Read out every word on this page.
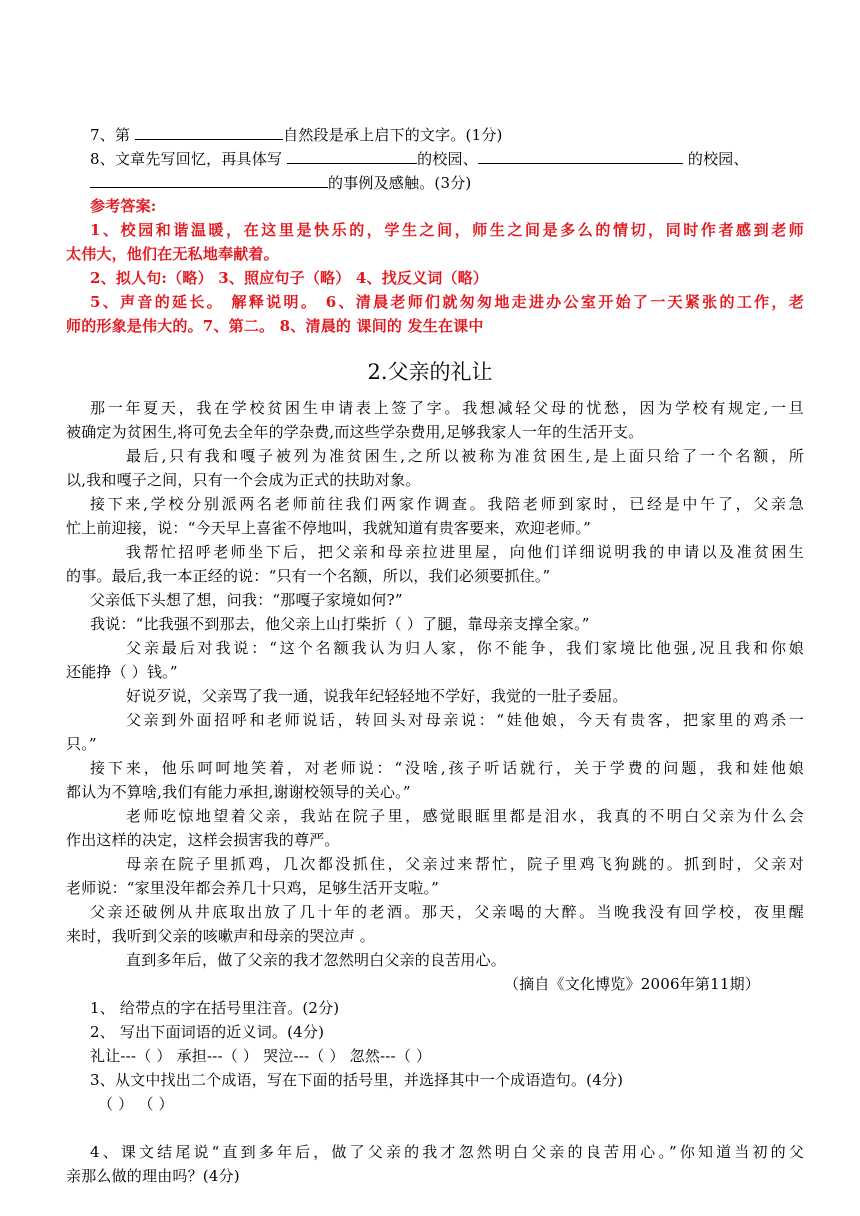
7、第	自然段是承上启下的文字。(1分)
8、文章先写回忆，再具体写	的校园、	的校园、
的事例及感触。(3分)
参考答案:
1、校园和谐温暖，在这里是快乐的，学生之间，师生之间是多么的情切，同时作者感到老师
太伟大，他们在无私地奉献着。
2、拟人句:（略） 3、照应句子（略） 4、找反义词（略）
5、声音的延长。 解释说明。 6、清晨老师们就匆匆地走进办公室开始了一天紧张的工作，老
师的形象是伟大的。7、第二。 8、清晨的 课间的 发生在课中
2.父亲的礼让
那一年夏天，我在学校贫困生申请表上签了字。我想减轻父母的忧愁，因为学校有规定,一旦
被确定为贫困生,将可免去全年的学杂费,而这些学杂费用,足够我家人一年的生活开支。
最后,只有我和嘎子被列为准贫困生,之所以被称为准贫困生,是上面只给了一个名额，所
以,我和嘎子之间，只有一个会成为正式的扶助对象。
接下来,学校分别派两名老师前往我们两家作调查。我陪老师到家时，已经是中午了，父亲急
忙上前迎接，说：“今天早上喜雀不停地叫，我就知道有贵客要来，欢迎老师。”
我帮忙招呼老师坐下后，把父亲和母亲拉进里屋，向他们详细说明我的申请以及准贫困生
的事。最后,我一本正经的说：“只有一个名额，所以，我们必须要抓住。”
父亲低下头想了想，问我：“那嘎子家境如何?”
我说：“比我强不到那去，他父亲上山打柴折（ ）了腿，靠母亲支撑全家。”
父亲最后对我说：“这个名额我认为归人家，你不能争，我们家境比他强,况且我和你娘
还能挣（ ）钱。”
好说歹说，父亲骂了我一通，说我年纪轻轻地不学好，我觉的一肚子委屈。
父亲到外面招呼和老师说话，转回头对母亲说：“娃他娘，今天有贵客，把家里的鸡杀一
只。”
接下来，他乐呵呵地笑着，对老师说：“没啥,孩子听话就行，关于学费的问题，我和娃他娘
都认为不算啥,我们有能力承担,谢谢校领导的关心。”
老师吃惊地望着父亲，我站在院子里，感觉眼眶里都是泪水，我真的不明白父亲为什么会
作出这样的决定，这样会损害我的尊严。
母亲在院子里抓鸡，几次都没抓住，父亲过来帮忙，院子里鸡飞狗跳的。抓到时，父亲对
老师说：“家里没年都会养几十只鸡，足够生活开支啦。”
父亲还破例从井底取出放了几十年的老酒。那天，父亲喝的大醉。当晚我没有回学校，夜里醒
来时，我听到父亲的咳嗽声和母亲的哭泣声 。
直到多年后，做了父亲的我才忽然明白父亲的良苦用心。
（摘自《文化博览》2006年第11期）
1、 给带点的字在括号里注音。(2分)
2、 写出下面词语的近义词。(4分)
礼让---（ ） 承担---（ ） 哭泣---（ ） 忽然---（ ）
3、从文中找出二个成语，写在下面的括号里，并选择其中一个成语造句。(4分)
（ ） （ ）
4、课文结尾说“直到多年后，做了父亲的我才忽然明白父亲的良苦用心。”你知道当初的父
亲那么做的理由吗？(4分)
